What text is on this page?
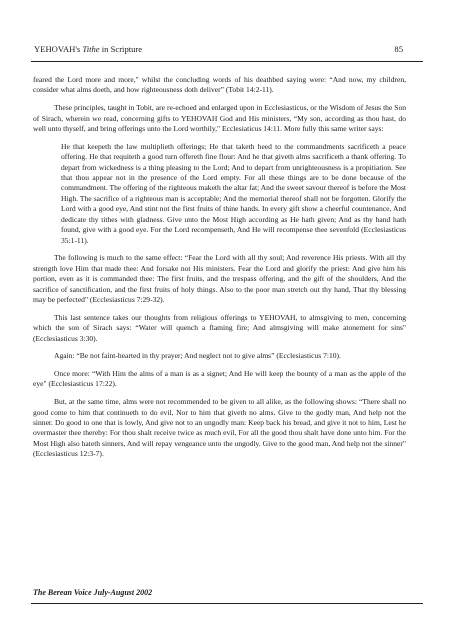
YEHOVAH's Tithe in Scripture	85

feared the Lord more and more," whilst the concluding words of his deathbed saying were: “And now, my children, consider what alms doeth, and how righteousness doth deliver” (Tobit 14:2-11).

These principles, taught in Tobit, are re-echoed and enlarged upon in Ecclesiasticus, or the Wisdom of Jesus the Son of Sirach, wherein we read, concerning gifts to YEHOVAH God and His ministers, “My son, according as thou hast, do well unto thyself, and bring offerings unto the Lord worthily," Ecclesiaticus 14:11. More fully this same writer says:

He that keepeth the law multiplieth offerings; He that taketh heed to the commandments sacrificeth a peace offering. He that requiteth a good turn offereth fine flour: And he that giveth alms sacrificeth a thank offering. To depart from wickedness is a thing pleasing to the Lord; And to depart from unrighteousness is a propitiation. See that thou appear not in the presence of the Lord empty. For all these things are to be done because of the commandment. The offering of the righteous maketh the altar fat; And the sweet savour thereof is before the Most High. The sacrifice of a righteous man is acceptable; And the memorial thereof shall not be forgotten. Glorify the Lord with a good eye, And stint not the first fruits of thine hands. In every gift show a cheerful countenance, And dedicate thy tithes with gladness. Give unto the Most High according as He hath given; And as thy hand hath found, give with a good eye. For the Lord recompenseth, And He will recompense thee sevenfold (Ecclesiasticus 35:1-11).

The following is much to the same effect: “Fear the Lord with all thy soul; And reverence His priests. With all thy strength love Him that made thee: And forsake not His ministers. Fear the Lord and glorify the priest: And give him his portion, even as it is commanded thee: The first fruits, and the trespass offering, and the gift of the shoulders, And the sacrifice of sanctification, and the first fruits of holy things. Also to the poor man stretch out thy hand, That thy blessing may be perfected" (Ecclesiasticus 7:29-32).

This last sentence takes our thoughts from religious offerings to YEHOVAH, to almsgiving to men, concerning which the son of Sirach says: “Water will quench a flaming fire; And almsgiving will make atonement for sins" (Ecclesiasticus 3:30).

Again: “Be not faint-hearted in thy prayer; And neglect not to give alms” (Ecclesiasticus 7:10).

Once more: “With Him the alms of a man is as a signet; And He will keep the bounty of a man as the apple of the eye" (Ecclesiasticus 17:22).

But, at the same time, alms were not recommended to be given to all alike, as the following shows: “There shall no good come to him that continueth to do evil, Nor to him that giveth no alms. Give to the godly man, And help not the sinner. Do good to one that is lowly, And give not to an ungodly man: Keep back his bread, and give it not to him, Lest he overmaster thee thereby: For thou shalt receive twice as much evil, For all the good thou shalt have done unto him. For the Most High also hateth sinners, And will repay vengeance unto the ungodly. Give to the good man, And help not the sinner" (Ecclesiasticus 12:3-7).

The Berean Voice July-August 2002
